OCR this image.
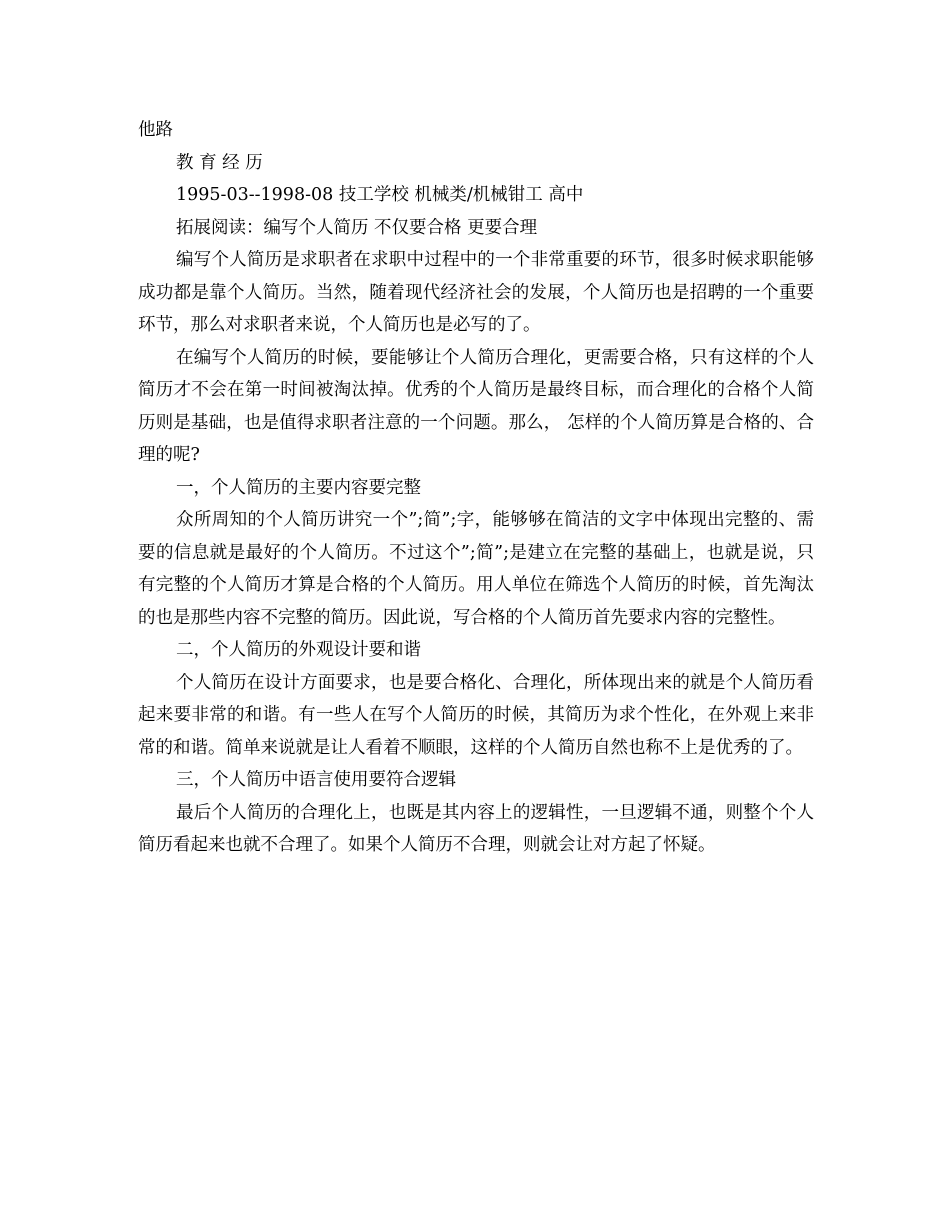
他路

教 育 经 历

1995-03--1998-08 技工学校 机械类/机械钳工 高中

拓展阅读：编写个人简历 不仅要合格 更要合理

编写个人简历是求职者在求职中过程中的一个非常重要的环节，很多时候求职能够成功都是靠个人简历。当然，随着现代经济社会的发展，个人简历也是招聘的一个重要环节，那么对求职者来说，个人简历也是必写的了。

在编写个人简历的时候，要能够让个人简历合理化，更需要合格，只有这样的个人简历才不会在第一时间被淘汰掉。优秀的个人简历是最终目标，而合理化的合格个人简历则是基础，也是值得求职者注意的一个问题。那么， 怎样的个人简历算是合格的、合理的呢?

一，个人简历的主要内容要完整

众所周知的个人简历讲究一个”;简”;字，能够够在简洁的文字中体现出完整的、需要的信息就是最好的个人简历。不过这个”;简”;是建立在完整的基础上，也就是说，只有完整的个人简历才算是合格的个人简历。用人单位在筛选个人简历的时候，首先淘汰的也是那些内容不完整的简历。因此说，写合格的个人简历首先要求内容的完整性。

二，个人简历的外观设计要和谐

个人简历在设计方面要求，也是要合格化、合理化，所体现出来的就是个人简历看起来要非常的和谐。有一些人在写个人简历的时候，其简历为求个性化，在外观上来非常的和谐。简单来说就是让人看着不顺眼，这样的个人简历自然也称不上是优秀的了。

三，个人简历中语言使用要符合逻辑

最后个人简历的合理化上，也既是其内容上的逻辑性，一旦逻辑不通，则整个个人简历看起来也就不合理了。如果个人简历不合理，则就会让对方起了怀疑。
